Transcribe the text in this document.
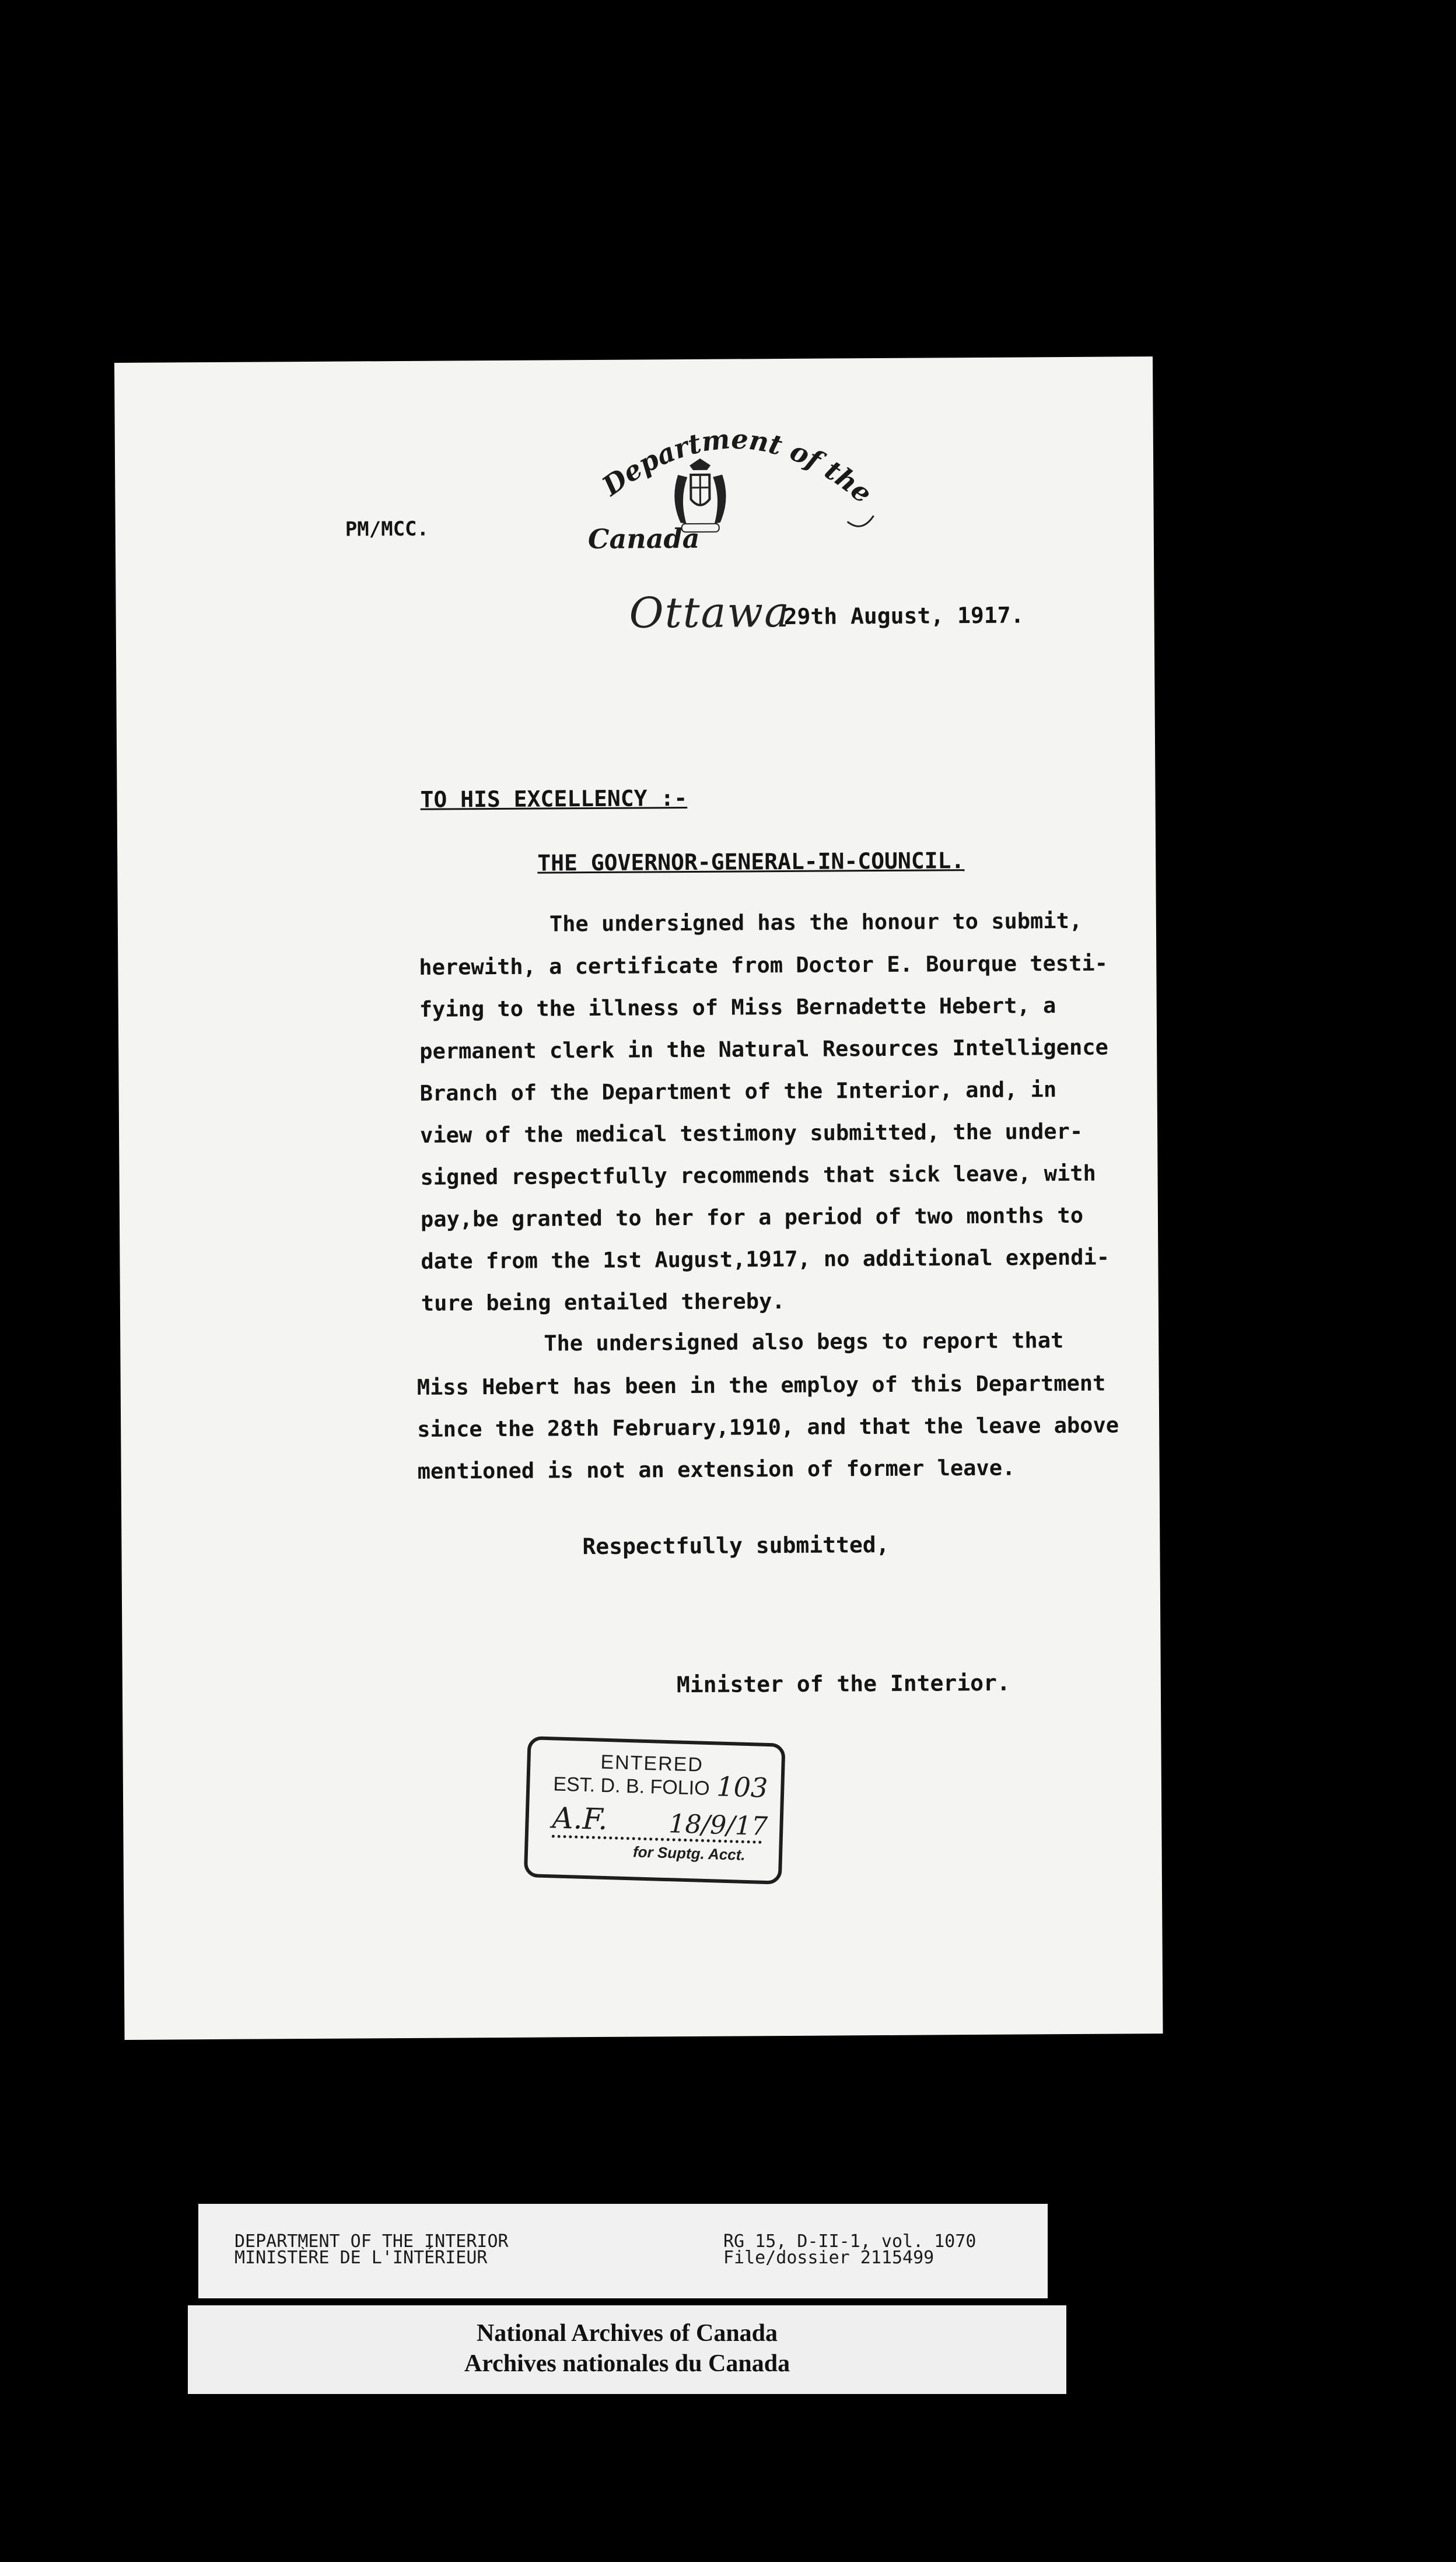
Department of the
Canada
PM/MCC.
Ottawa
29th August, 1917.
TO HIS EXCELLENCY :-
THE GOVERNOR-GENERAL-IN-COUNCIL.
The undersigned has the honour to submit,
herewith, a certificate from Doctor E. Bourque testi-
fying to the illness of Miss Bernadette Hebert, a
permanent clerk in the Natural Resources Intelligence
Branch of the Department of the Interior, and, in
view of the medical testimony submitted, the under-
signed respectfully recommends that sick leave, with
pay,be granted to her for a period of two months to
date from the 1st August,1917, no additional expendi-
ture being entailed thereby.
The undersigned also begs to report that
Miss Hebert has been in the employ of this Department
since the 28th February,1910, and that the leave above
mentioned is not an extension of former leave.
Respectfully submitted,
Minister of the Interior.
ENTERED
EST. D. B. FOLIO 103
A.F. 18/9/17
for Suptg. Acct.
DEPARTMENT OF THE INTERIOR
MINISTÈRE DE L'INTÉRIEUR
RG 15, D-II-1, vol. 1070
File/dossier 2115499
National Archives of Canada
Archives nationales du Canada
